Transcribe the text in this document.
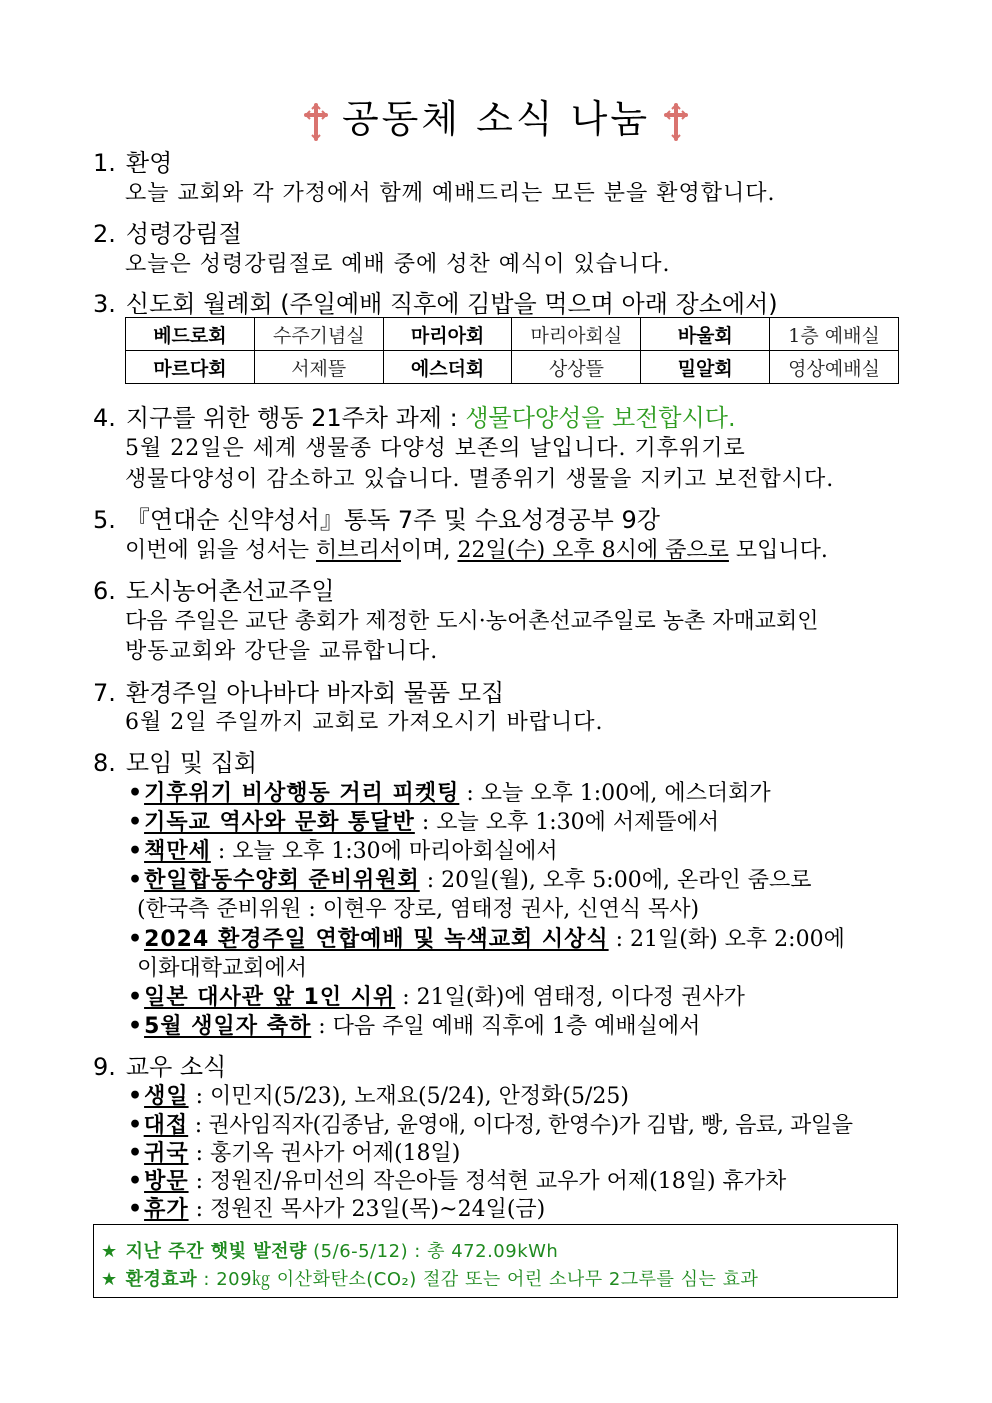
공동체 소식 나눔
1. 환영
오늘 교회와 각 가정에서 함께 예배드리는 모든 분을 환영합니다.
2. 성령강림절
오늘은 성령강림절로 예배 중에 성찬 예식이 있습니다.
3. 신도회 월례회 (주일예배 직후에 김밥을 먹으며 아래 장소에서)
베드로회	수주기념실	마리아회	마리아회실	바울회	1층 예배실
마르다회	서제뜰	에스더회	상상뜰	밀알회	영상예배실
4. 지구를 위한 행동 21주차 과제 : 생물다양성을 보전합시다.
5월 22일은 세계 생물종 다양성 보존의 날입니다. 기후위기로
생물다양성이 감소하고 있습니다. 멸종위기 생물을 지키고 보전합시다.
5. 『연대순 신약성서』통독 7주 및 수요성경공부 9강
이번에 읽을 성서는 히브리서이며, 22일(수) 오후 8시에 줌으로 모입니다.
6. 도시농어촌선교주일
다음 주일은 교단 총회가 제정한 도시·농어촌선교주일로 농촌 자매교회인
방동교회와 강단을 교류합니다.
7. 환경주일 아나바다 바자회 물품 모집
6월 2일 주일까지 교회로 가져오시기 바랍니다.
8. 모임 및 집회
•기후위기 비상행동 거리 피켓팅 : 오늘 오후 1:00에, 에스더회가
•기독교 역사와 문화 통달반 : 오늘 오후 1:30에 서제뜰에서
•책만세 : 오늘 오후 1:30에 마리아회실에서
•한일합동수양회 준비위원회 : 20일(월), 오후 5:00에, 온라인 줌으로
(한국측 준비위원 : 이현우 장로, 염태정 권사, 신연식 목사)
•2024 환경주일 연합예배 및 녹색교회 시상식 : 21일(화) 오후 2:00에
이화대학교회에서
•일본 대사관 앞 1인 시위 : 21일(화)에 염태정, 이다정 권사가
•5월 생일자 축하 : 다음 주일 예배 직후에 1층 예배실에서
9. 교우 소식
•생일 : 이민지(5/23), 노재요(5/24), 안정화(5/25)
•대접 : 권사임직자(김종남, 윤영애, 이다정, 한영수)가 김밥, 빵, 음료, 과일을
•귀국 : 홍기옥 권사가 어제(18일)
•방문 : 정원진/유미선의 작은아들 정석현 교우가 어제(18일) 휴가차
•휴가 : 정원진 목사가 23일(목)~24일(금)
★ 지난 주간 햇빛 발전량 (5/6-5/12) : 총 472.09kWh
★ 환경효과 : 209㎏ 이산화탄소(CO₂) 절감 또는 어린 소나무 2그루를 심는 효과
